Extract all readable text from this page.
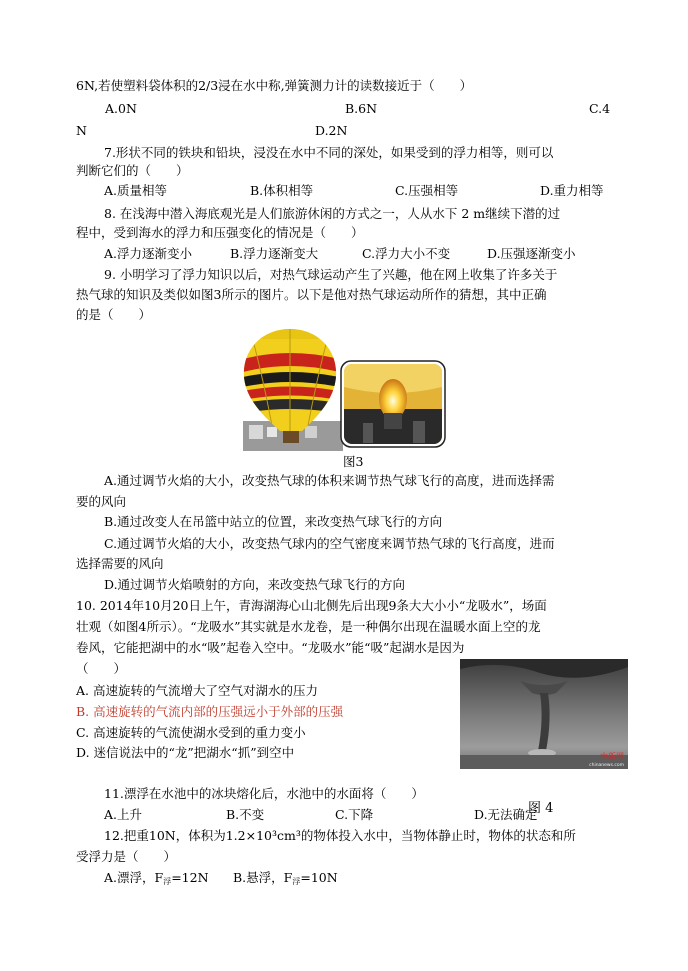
6N,若使塑料袋体积的2/3浸在水中称,弹簧测力计的读数接近于（　　）
A.0N	B.6N	C.4
N	D.2N
7.形状不同的铁块和铅块，浸没在水中不同的深处，如果受到的浮力相等，则可以
判断它们的（　　）
A.质量相等	B.体积相等	C.压强相等	D.重力相等
8. 在浅海中潜入海底观光是人们旅游休闲的方式之一，人从水下 2 m继续下潜的过
程中，受到海水的浮力和压强变化的情况是（　　）
A.浮力逐渐变小	B.浮力逐渐变大	C.浮力大小不变	D.压强逐渐变小
9. 小明学习了浮力知识以后，对热气球运动产生了兴趣，他在网上收集了许多关于
热气球的知识及类似如图3所示的图片。以下是他对热气球运动所作的猜想，其中正确
的是（　　）
图3
A.通过调节火焰的大小，改变热气球的体积来调节热气球飞行的高度，进而选择需
要的风向
B.通过改变人在吊篮中站立的位置，来改变热气球飞行的方向
C.通过调节火焰的大小，改变热气球内的空气密度来调节热气球的飞行高度，进而
选择需要的风向
D.通过调节火焰喷射的方向，来改变热气球飞行的方向
10. 2014年10月20日上午，青海湖海心山北侧先后出现9条大大小小“龙吸水”，场面
壮观（如图4所示）。“龙吸水”其实就是水龙卷，是一种偶尔出现在温暖水面上空的龙
卷风，它能把湖中的水“吸”起卷入空中。“龙吸水”能“吸”起湖水是因为
（　　）
A. 高速旋转的气流增大了空气对湖水的压力
B. 高速旋转的气流内部的压强远小于外部的压强
C. 高速旋转的气流使湖水受到的重力变小
D. 迷信说法中的“龙”把湖水“抓”到空中	中新网
chinanews.com
11.漂浮在水池中的冰块熔化后，水池中的水面将（　　）
A.上升	B.不变	C.下降	D.无法确定
图 4
12.把重10N，体积为1.2×10³cm³的物体投入水中，当物体静止时，物体的状态和所
受浮力是（　　）
A.漂浮，$F_浮=12N$ B.悬浮，$F_浮=10N$
